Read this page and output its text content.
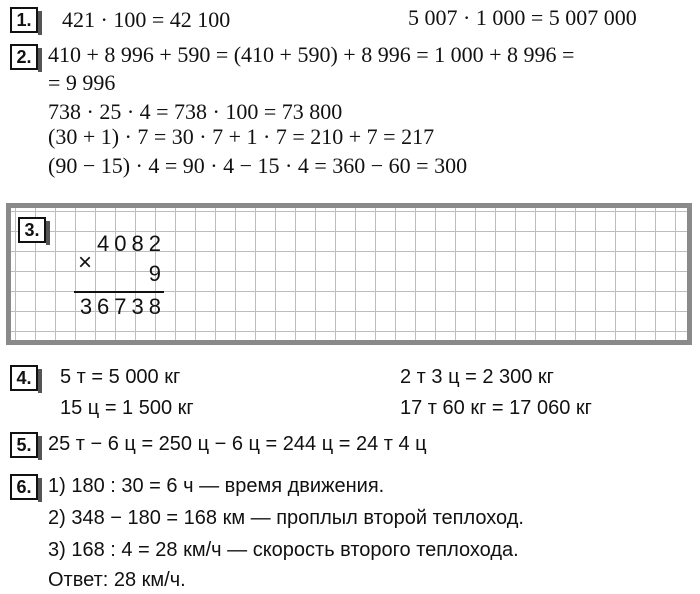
1. 421 · 100 = 42 100	5 007 · 1 000 = 5 007 000
2. 410 + 8 996 + 590 = (410 + 590) + 8 996 = 1 000 + 8 996 =
= 9 996
738 · 25 · 4 = 738 · 100 = 73 800
(30 + 1) · 7 = 30 · 7 + 1 · 7 = 210 + 7 = 217
(90 − 15) · 4 = 90 · 4 − 15 · 4 = 360 − 60 = 300
3.
4082
×	9
36738
4.	5 т = 5 000 кг	2 т 3 ц = 2 300 кг
15 ц = 1 500 кг	17 т 60 кг = 17 060 кг
5. 25 т − 6 ц = 250 ц − 6 ц = 244 ц = 24 т 4 ц
6. 1) 180 : 30 = 6 ч — время движения.
2) 348 − 180 = 168 км — проплыл второй теплоход.
3) 168 : 4 = 28 км/ч — скорость второго теплохода.
Ответ: 28 км/ч.
